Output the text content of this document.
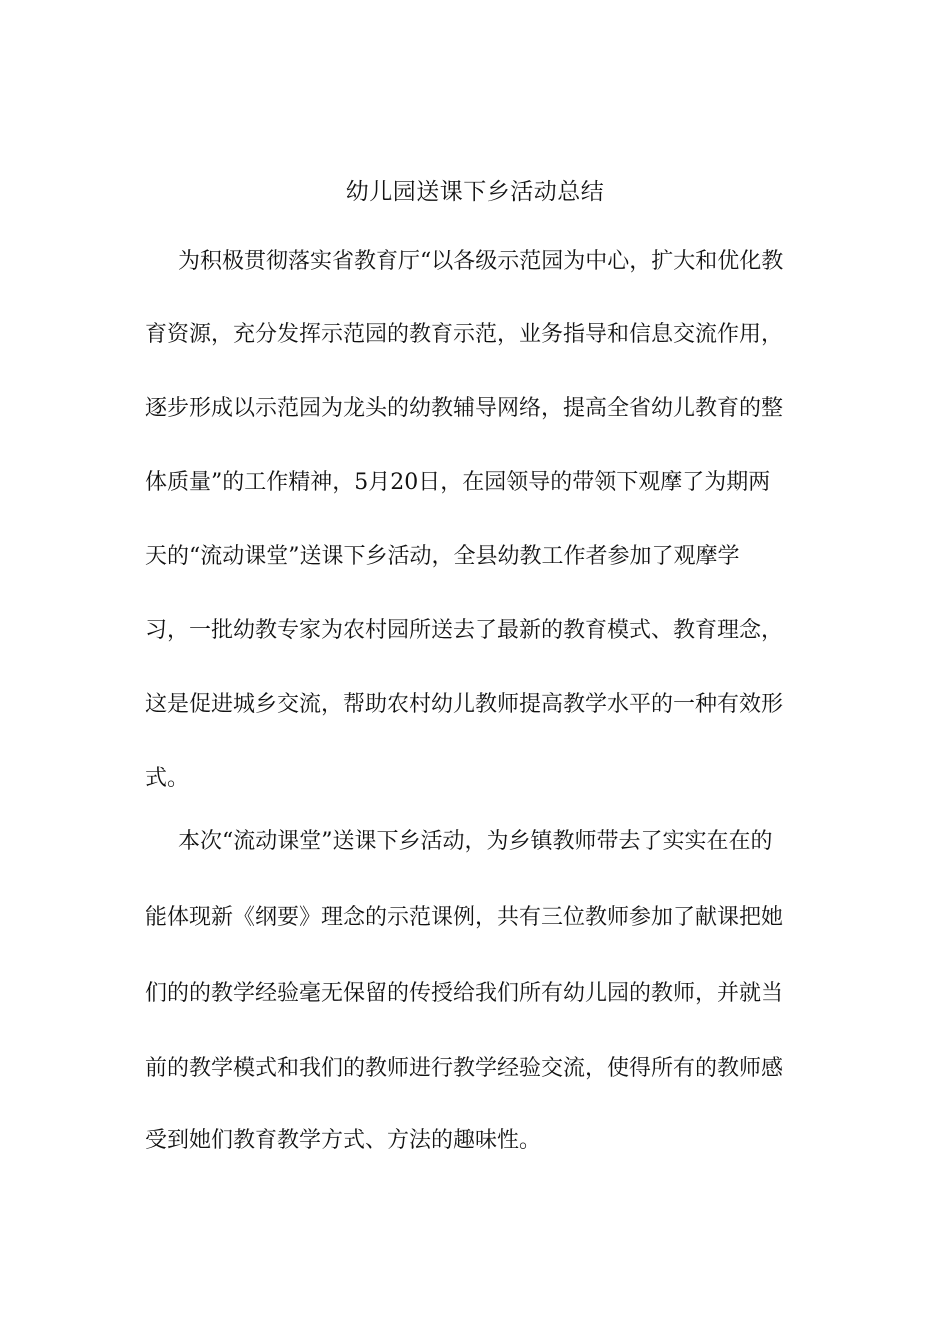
幼儿园送课下乡活动总结

为积极贯彻落实省教育厅“以各级示范园为中心，扩大和优化教

育资源，充分发挥示范园的教育示范，业务指导和信息交流作用，

逐步形成以示范园为龙头的幼教辅导网络，提高全省幼儿教育的整

体质量”的工作精神，5月20日，在园领导的带领下观摩了为期两

天的“流动课堂”送课下乡活动，全县幼教工作者参加了观摩学

习，一批幼教专家为农村园所送去了最新的教育模式、教育理念，

这是促进城乡交流，帮助农村幼儿教师提高教学水平的一种有效形

式。

本次“流动课堂”送课下乡活动，为乡镇教师带去了实实在在的

能体现新《纲要》理念的示范课例，共有三位教师参加了献课把她

们的的教学经验毫无保留的传授给我们所有幼儿园的教师，并就当

前的教学模式和我们的教师进行教学经验交流，使得所有的教师感

受到她们教育教学方式、方法的趣味性。
